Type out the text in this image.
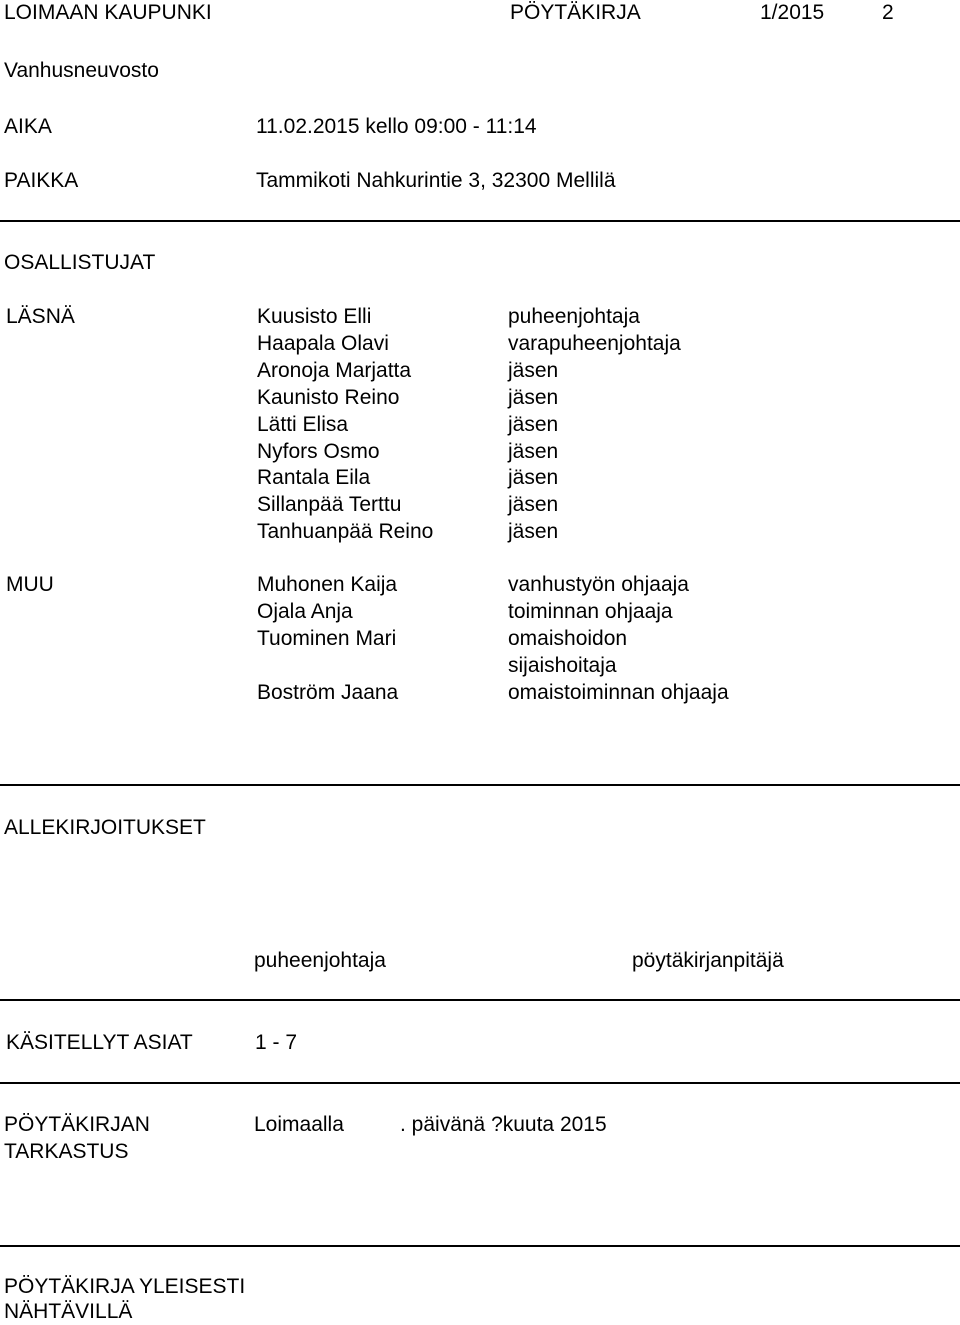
LOIMAAN KAUPUNKI	PÖYTÄKIRJA	1/2015	2
Vanhusneuvosto
AIKA	11.02.2015 kello 09:00 - 11:14
PAIKKA	Tammikoti Nahkurintie 3, 32300 Mellilä
OSALLISTUJAT
LÄSNÄ	Kuusisto Elli	puheenjohtaja
Haapala Olavi	varapuheenjohtaja
Aronoja Marjatta	jäsen
Kaunisto Reino	jäsen
Lätti Elisa	jäsen
Nyfors Osmo	jäsen
Rantala Eila	jäsen
Sillanpää Terttu	jäsen
Tanhuanpää Reino	jäsen
MUU	Muhonen Kaija	vanhustyön ohjaaja
Ojala Anja	toiminnan ohjaaja
Tuominen Mari	omaishoidon
sijaishoitaja
Boström Jaana	omaistoiminnan ohjaaja
ALLEKIRJOITUKSET
puheenjohtaja	pöytäkirjanpitäjä
KÄSITELLYT ASIAT	1 - 7
PÖYTÄKIRJAN
TARKASTUS
Loimaalla	. päivänä ?kuuta 2015
PÖYTÄKIRJA YLEISESTI
NÄHTÄVILLÄ
